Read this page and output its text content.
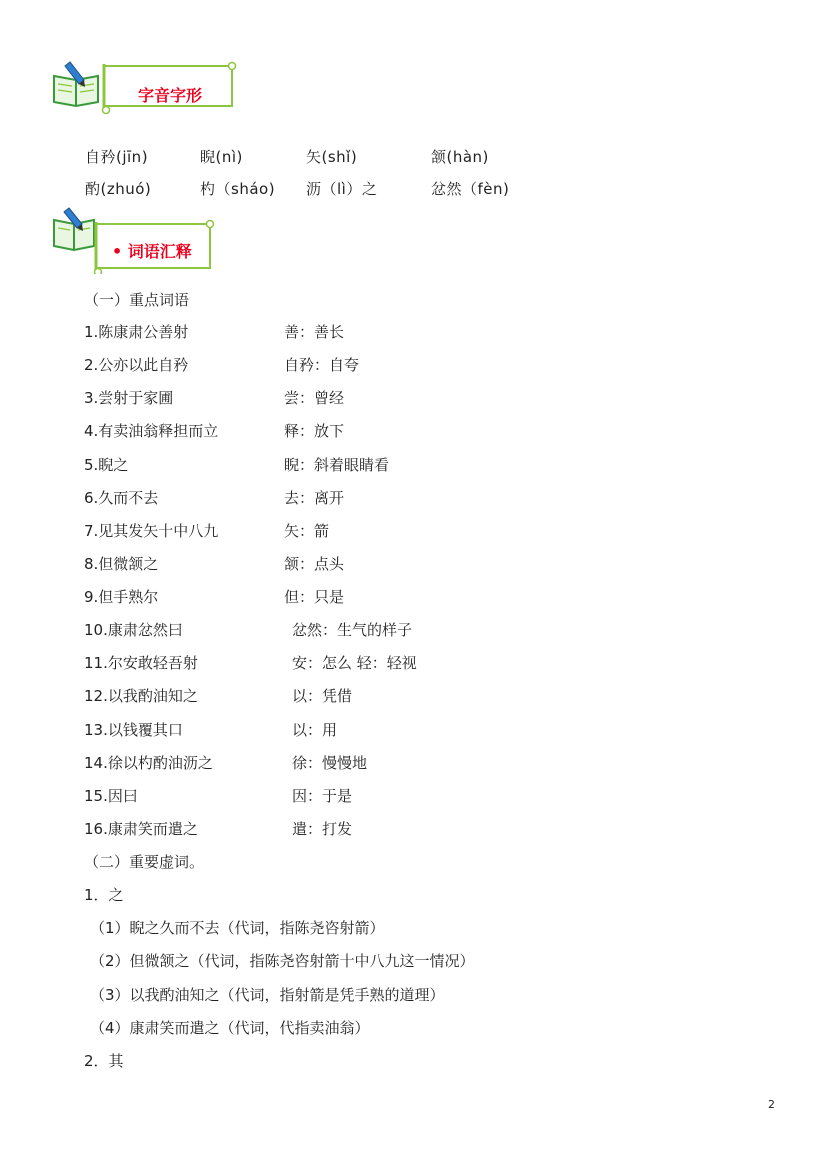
字音字形
自矜(jīn)	睨(nì)	矢(shǐ)	颔(hàn)
酌(zhuó)	杓（sháo) 沥（lì）之	忿然（fèn)
• 词语汇释
（一）重点词语
1.陈康肃公善射	善：善长
2.公亦以此自矜	自矜：自夸
3.尝射于家圃	尝：曾经
4.有卖油翁释担而立	释：放下
5.睨之	睨：斜着眼睛看
6.久而不去	去：离开
7.见其发矢十中八九	矢：箭
8.但微颔之	颔：点头
9.但手熟尔	但：只是
10.康肃忿然曰	忿然：生气的样子
11.尔安敢轻吾射	安：怎么 轻：轻视
12.以我酌油知之	以：凭借
13.以钱覆其口	以：用
14.徐以杓酌油沥之	徐：慢慢地
15.因曰	因：于是
16.康肃笑而遣之	遣：打发
（二）重要虚词。
1．之
（1）睨之久而不去（代词，指陈尧咨射箭）
（2）但微颔之（代词，指陈尧咨射箭十中八九这一情况）
（3）以我酌油知之（代词，指射箭是凭手熟的道理）
（4）康肃笑而遣之（代词，代指卖油翁）
2．其
2
